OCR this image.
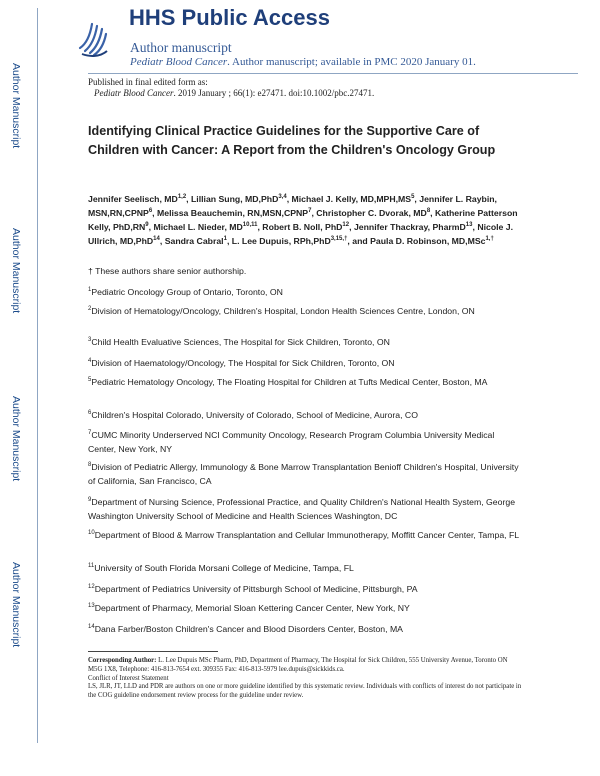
Author Manuscript
Author Manuscript
Author Manuscript
Author Manuscript
HHS Public Access
Author manuscript
Pediatr Blood Cancer. Author manuscript; available in PMC 2020 January 01.
Published in final edited form as:
Pediatr Blood Cancer. 2019 January ; 66(1): e27471. doi:10.1002/pbc.27471.
Identifying Clinical Practice Guidelines for the Supportive Care of Children with Cancer: A Report from the Children's Oncology Group
Jennifer Seelisch, MD$^{1,2}$, Lillian Sung, MD,PhD$^{3,4}$, Michael J. Kelly, $MD,MPH,MS^5$, Jennifer L. Raybin, MSN,RN,CPNP$^6$, Melissa Beauchemin, RN,MSN,CPNP$^7$, Christopher C. Dvorak, $MD^8$, Katherine Patterson Kelly, $PhD,RN^9$, Michael L. Nieder, MD$^{10,11}$, Robert B. Noll, PhD$^{12}$, Jennifer Thackray, PharmD$^{13}$, Nicole J. Ullrich, MD,PhD$^{14}$, Sandra Cabral$^1$, L. Lee Dupuis, RPh,PhD$^{3,15,\dagger}$, and Paula D. Robinson, MD,MSc$^{1,\dagger}$
† These authors share senior authorship.
$^1$Pediatric Oncology Group of Ontario, Toronto, ON
$^2$Division of Hematology/Oncology, Children's Hospital, London Health Sciences Centre, London, ON
$^3$Child Health Evaluative Sciences, The Hospital for Sick Children, Toronto, ON
$^4$Division of Haematology/Oncology, The Hospital for Sick Children, Toronto, ON
$^5$Pediatric Hematology Oncology, The Floating Hospital for Children at Tufts Medical Center, Boston, MA
$^6$Children's Hospital Colorado, University of Colorado, School of Medicine, Aurora, CO
$^7$CUMC Minority Underserved NCI Community Oncology, Research Program Columbia University Medical Center, New York, NY
$^8$Division of Pediatric Allergy, Immunology & Bone Marrow Transplantation Benioff Children's Hospital, University of California, San Francisco, CA
$^9$Department of Nursing Science, Professional Practice, and Quality Children's National Health System, George Washington University School of Medicine and Health Sciences Washington, DC
$^{10}$Department of Blood & Marrow Transplantation and Cellular Immunotherapy, Moffitt Cancer Center, Tampa, FL
$^{11}$University of South Florida Morsani College of Medicine, Tampa, FL
$^{12}$Department of Pediatrics University of Pittsburgh School of Medicine, Pittsburgh, PA
$^{13}$Department of Pharmacy, Memorial Sloan Kettering Cancer Center, New York, NY
$^{14}$Dana Farber/Boston Children's Cancer and Blood Disorders Center, Boston, MA
Corresponding Author: L. Lee Dupuis MSc Pharm, PhD, Department of Pharmacy, The Hospital for Sick Children, 555 University Avenue, Toronto ON M5G 1X8, Telephone: 416-813-7654 ext. 309355 Fax: 416-813-5979 lee.dupuis@sickkids.ca.
Conflict of Interest Statement
LS, JLR, JT, LLD and PDR are authors on one or more guideline identified by this systematic review. Individuals with conflicts of interest do not participate in the COG guideline endorsement review process for the guideline under review.
